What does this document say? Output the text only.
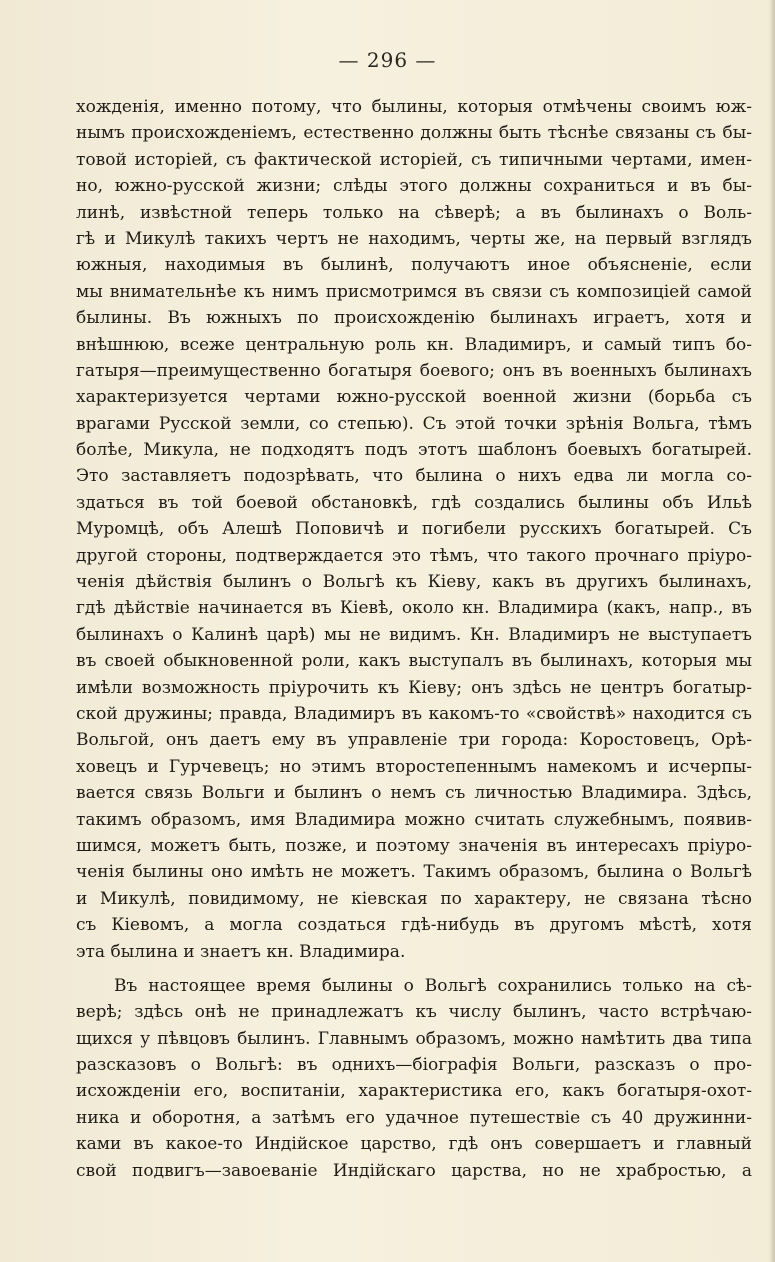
— 296 —
хожденія, именно потому, что былины, которыя отмѣчены своимъ юж-
нымъ происхожденіемъ, естественно должны быть тѣснѣе связаны съ бы-
товой исторіей, съ фактической исторіей, съ типичными чертами, имен-
но, южно-русской жизни; слѣды этого должны сохраниться и въ бы-
линѣ, извѣстной теперь только на сѣверѣ; а въ былинахъ о Воль-
гѣ и Микулѣ такихъ чертъ не находимъ, черты же, на первый взглядъ
южныя, находимыя въ былинѣ, получаютъ иное объясненіе, если
мы внимательнѣе къ нимъ присмотримся въ связи съ композиціей самой
былины. Въ южныхъ по происхожденію былинахъ играетъ, хотя и
внѣшнюю, всеже центральную роль кн. Владимиръ, и самый типъ бо-
гатыря—преимущественно богатыря боевого; онъ въ военныхъ былинахъ
характеризуется чертами южно-русской военной жизни (борьба съ
врагами Русской земли, со степью). Съ этой точки зрѣнія Вольга, тѣмъ
болѣе, Микула, не подходятъ подъ этотъ шаблонъ боевыхъ богатырей.
Это заставляетъ подозрѣвать, что былина о нихъ едва ли могла со-
здаться въ той боевой обстановкѣ, гдѣ создались былины объ Ильѣ
Муромцѣ, объ Алешѣ Поповичѣ и погибели русскихъ богатырей. Съ
другой стороны, подтверждается это тѣмъ, что такого прочнаго пріуро-
ченія дѣйствія былинъ о Вольгѣ къ Кіеву, какъ въ другихъ былинахъ,
гдѣ дѣйствіе начинается въ Кіевѣ, около кн. Владимира (какъ, напр., въ
былинахъ о Калинѣ царѣ) мы не видимъ. Кн. Владимиръ не выступаетъ
въ своей обыкновенной роли, какъ выступалъ въ былинахъ, которыя мы
имѣли возможность пріурочить къ Кіеву; онъ здѣсь не центръ богатыр-
ской дружины; правда, Владимиръ въ какомъ-то «свойствѣ» находится съ
Вольгой, онъ даетъ ему въ управленіе три города: Коростовецъ, Орѣ-
ховецъ и Гурчевецъ; но этимъ второстепеннымъ намекомъ и исчерпы-
вается связь Вольги и былинъ о немъ съ личностью Владимира. Здѣсь,
такимъ образомъ, имя Владимира можно считать служебнымъ, появив-
шимся, можетъ быть, позже, и поэтому значенія въ интересахъ пріуро-
ченія былины оно имѣть не можетъ. Такимъ образомъ, былина о Вольгѣ
и Микулѣ, повидимому, не кіевская по характеру, не связана тѣсно
съ Кіевомъ, а могла создаться гдѣ-нибудь въ другомъ мѣстѣ, хотя
эта былина и знаетъ кн. Владимира.
Въ настоящее время былины о Вольгѣ сохранились только на сѣ-
верѣ; здѣсь онѣ не принадлежатъ къ числу былинъ, часто встрѣчаю-
щихся у пѣвцовъ былинъ. Главнымъ образомъ, можно намѣтить два типа
разсказовъ о Вольгѣ: въ однихъ—біографія Вольги, разсказъ о про-
исхожденіи его, воспитаніи, характеристика его, какъ богатыря-охот-
ника и оборотня, а затѣмъ его удачное путешествіе съ 40 дружинни-
ками въ какое-то Индійское царство, гдѣ онъ совершаетъ и главный
свой подвигъ—завоеваніе Индійскаго царства, но не храбростью, а
